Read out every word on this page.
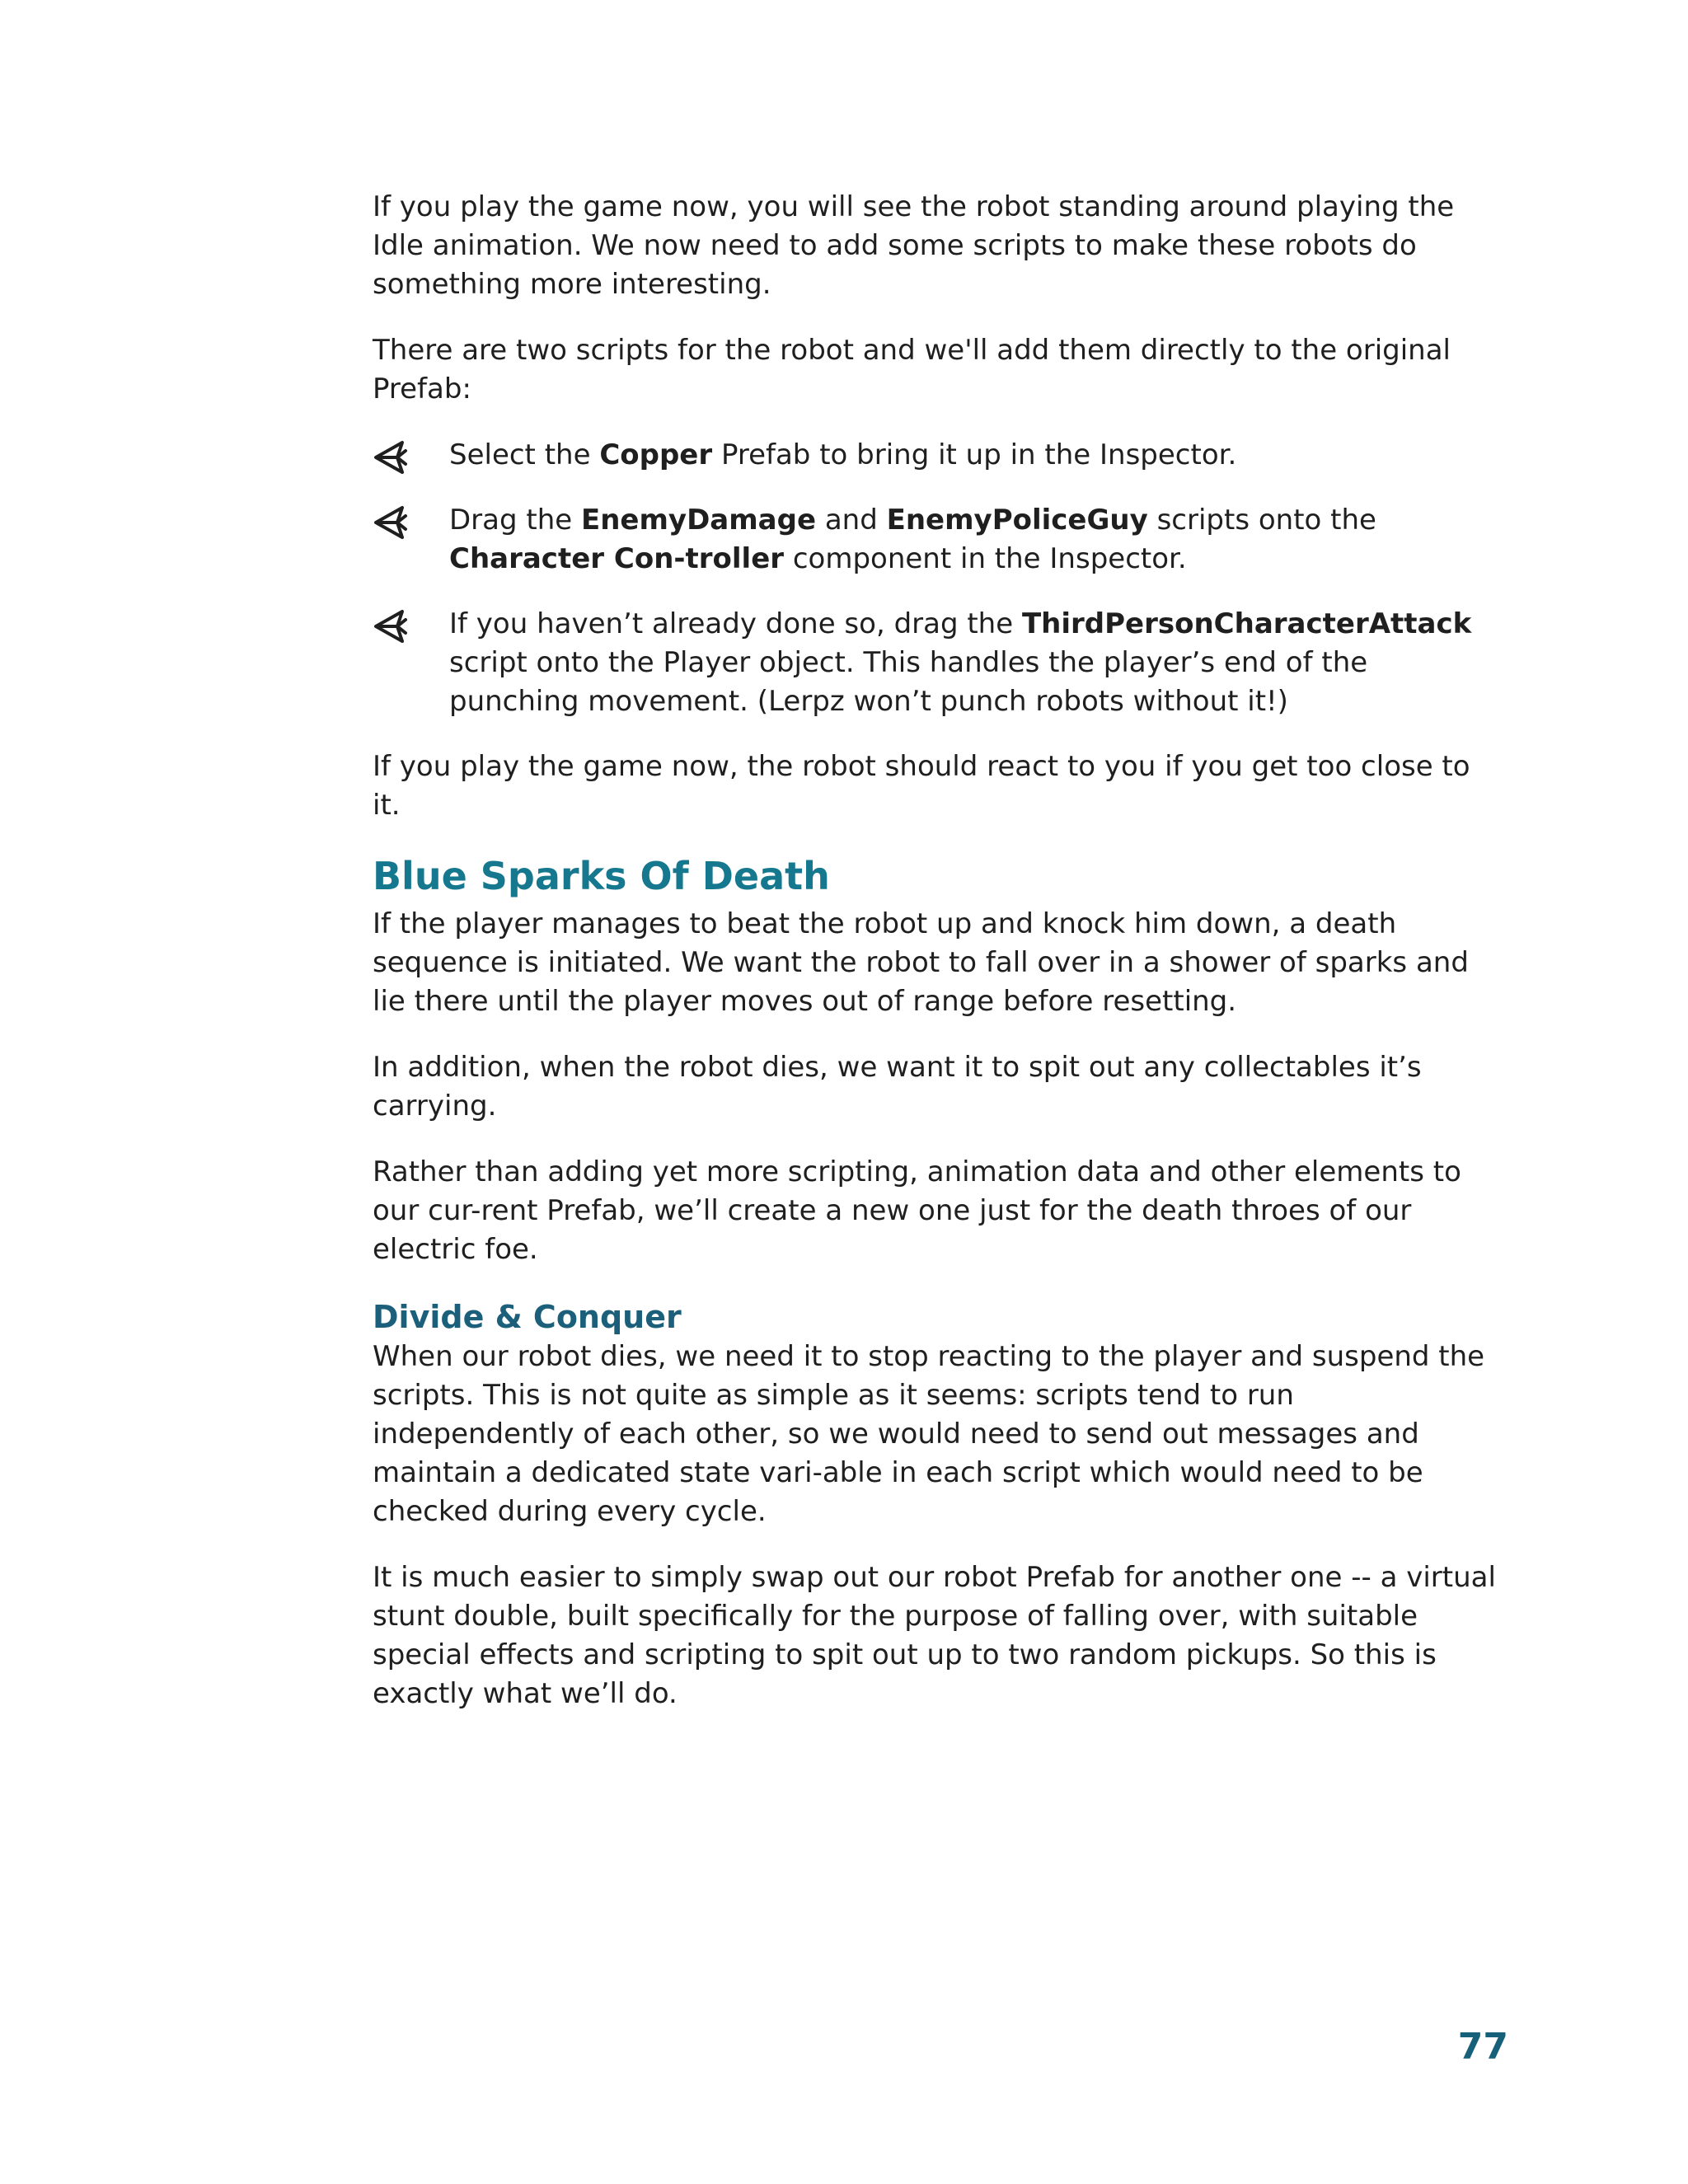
If you play the game now, you will see the robot standing around playing the Idle animation. We now need to add some scripts to make these robots do something more interesting.

There are two scripts for the robot and we'll add them directly to the original Prefab:

Select the Copper Prefab to bring it up in the Inspector.
Drag the EnemyDamage and EnemyPoliceGuy scripts onto the Character Con-troller component in the Inspector.
If you haven’t already done so, drag the ThirdPersonCharacterAttack script onto the Player object. This handles the player’s end of the punching movement. (Lerpz won’t punch robots without it!)

If you play the game now, the robot should react to you if you get too close to it.

Blue Sparks Of Death

If the player manages to beat the robot up and knock him down, a death sequence is initiated. We want the robot to fall over in a shower of sparks and lie there until the player moves out of range before resetting.

In addition, when the robot dies, we want it to spit out any collectables it’s carrying.

Rather than adding yet more scripting, animation data and other elements to our cur-rent Prefab, we’ll create a new one just for the death throes of our electric foe.

Divide & Conquer

When our robot dies, we need it to stop reacting to the player and suspend the scripts. This is not quite as simple as it seems: scripts tend to run independently of each other, so we would need to send out messages and maintain a dedicated state vari-able in each script which would need to be checked during every cycle.

It is much easier to simply swap out our robot Prefab for another one -- a virtual stunt double, built specifically for the purpose of falling over, with suitable special effects and scripting to spit out up to two random pickups. So this is exactly what we’ll do.

77
